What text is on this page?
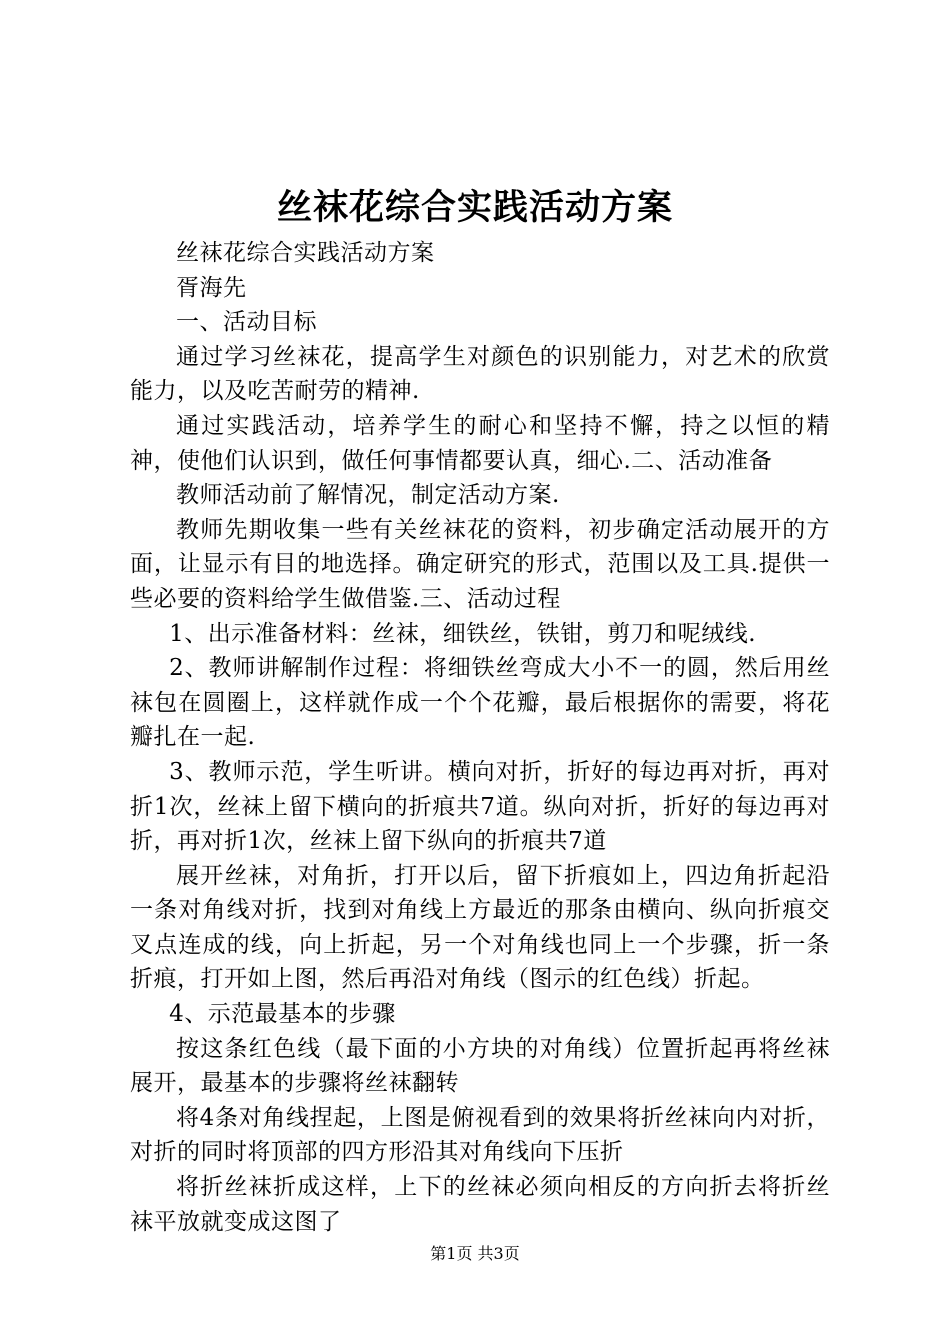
丝袜花综合实践活动方案

丝袜花综合实践活动方案

胥海先

一、活动目标

通过学习丝袜花，提高学生对颜色的识别能力，对艺术的欣赏能力，以及吃苦耐劳的精神.

通过实践活动，培养学生的耐心和坚持不懈，持之以恒的精神，使他们认识到，做任何事情都要认真，细心.二、活动准备

教师活动前了解情况，制定活动方案.

教师先期收集一些有关丝袜花的资料，初步确定活动展开的方面，让显示有目的地选择。确定研究的形式，范围以及工具.提供一些必要的资料给学生做借鉴.三、活动过程

1、出示准备材料：丝袜，细铁丝，铁钳，剪刀和呢绒线.

2、教师讲解制作过程：将细铁丝弯成大小不一的圆，然后用丝袜包在圆圈上，这样就作成一个个花瓣，最后根据你的需要，将花瓣扎在一起.

3、教师示范，学生听讲。横向对折，折好的每边再对折，再对折1次，丝袜上留下横向的折痕共7道。纵向对折，折好的每边再对折，再对折1次，丝袜上留下纵向的折痕共7道

展开丝袜，对角折，打开以后，留下折痕如上，四边角折起沿一条对角线对折，找到对角线上方最近的那条由横向、纵向折痕交叉点连成的线，向上折起，另一个对角线也同上一个步骤，折一条折痕，打开如上图，然后再沿对角线（图示的红色线）折起。

4、示范最基本的步骤

按这条红色线（最下面的小方块的对角线）位置折起再将丝袜展开，最基本的步骤将丝袜翻转

将4条对角线捏起，上图是俯视看到的效果将折丝袜向内对折，对折的同时将顶部的四方形沿其对角线向下压折

将折丝袜折成这样，上下的丝袜必须向相反的方向折去将折丝袜平放就变成这图了

第1页 共3页
